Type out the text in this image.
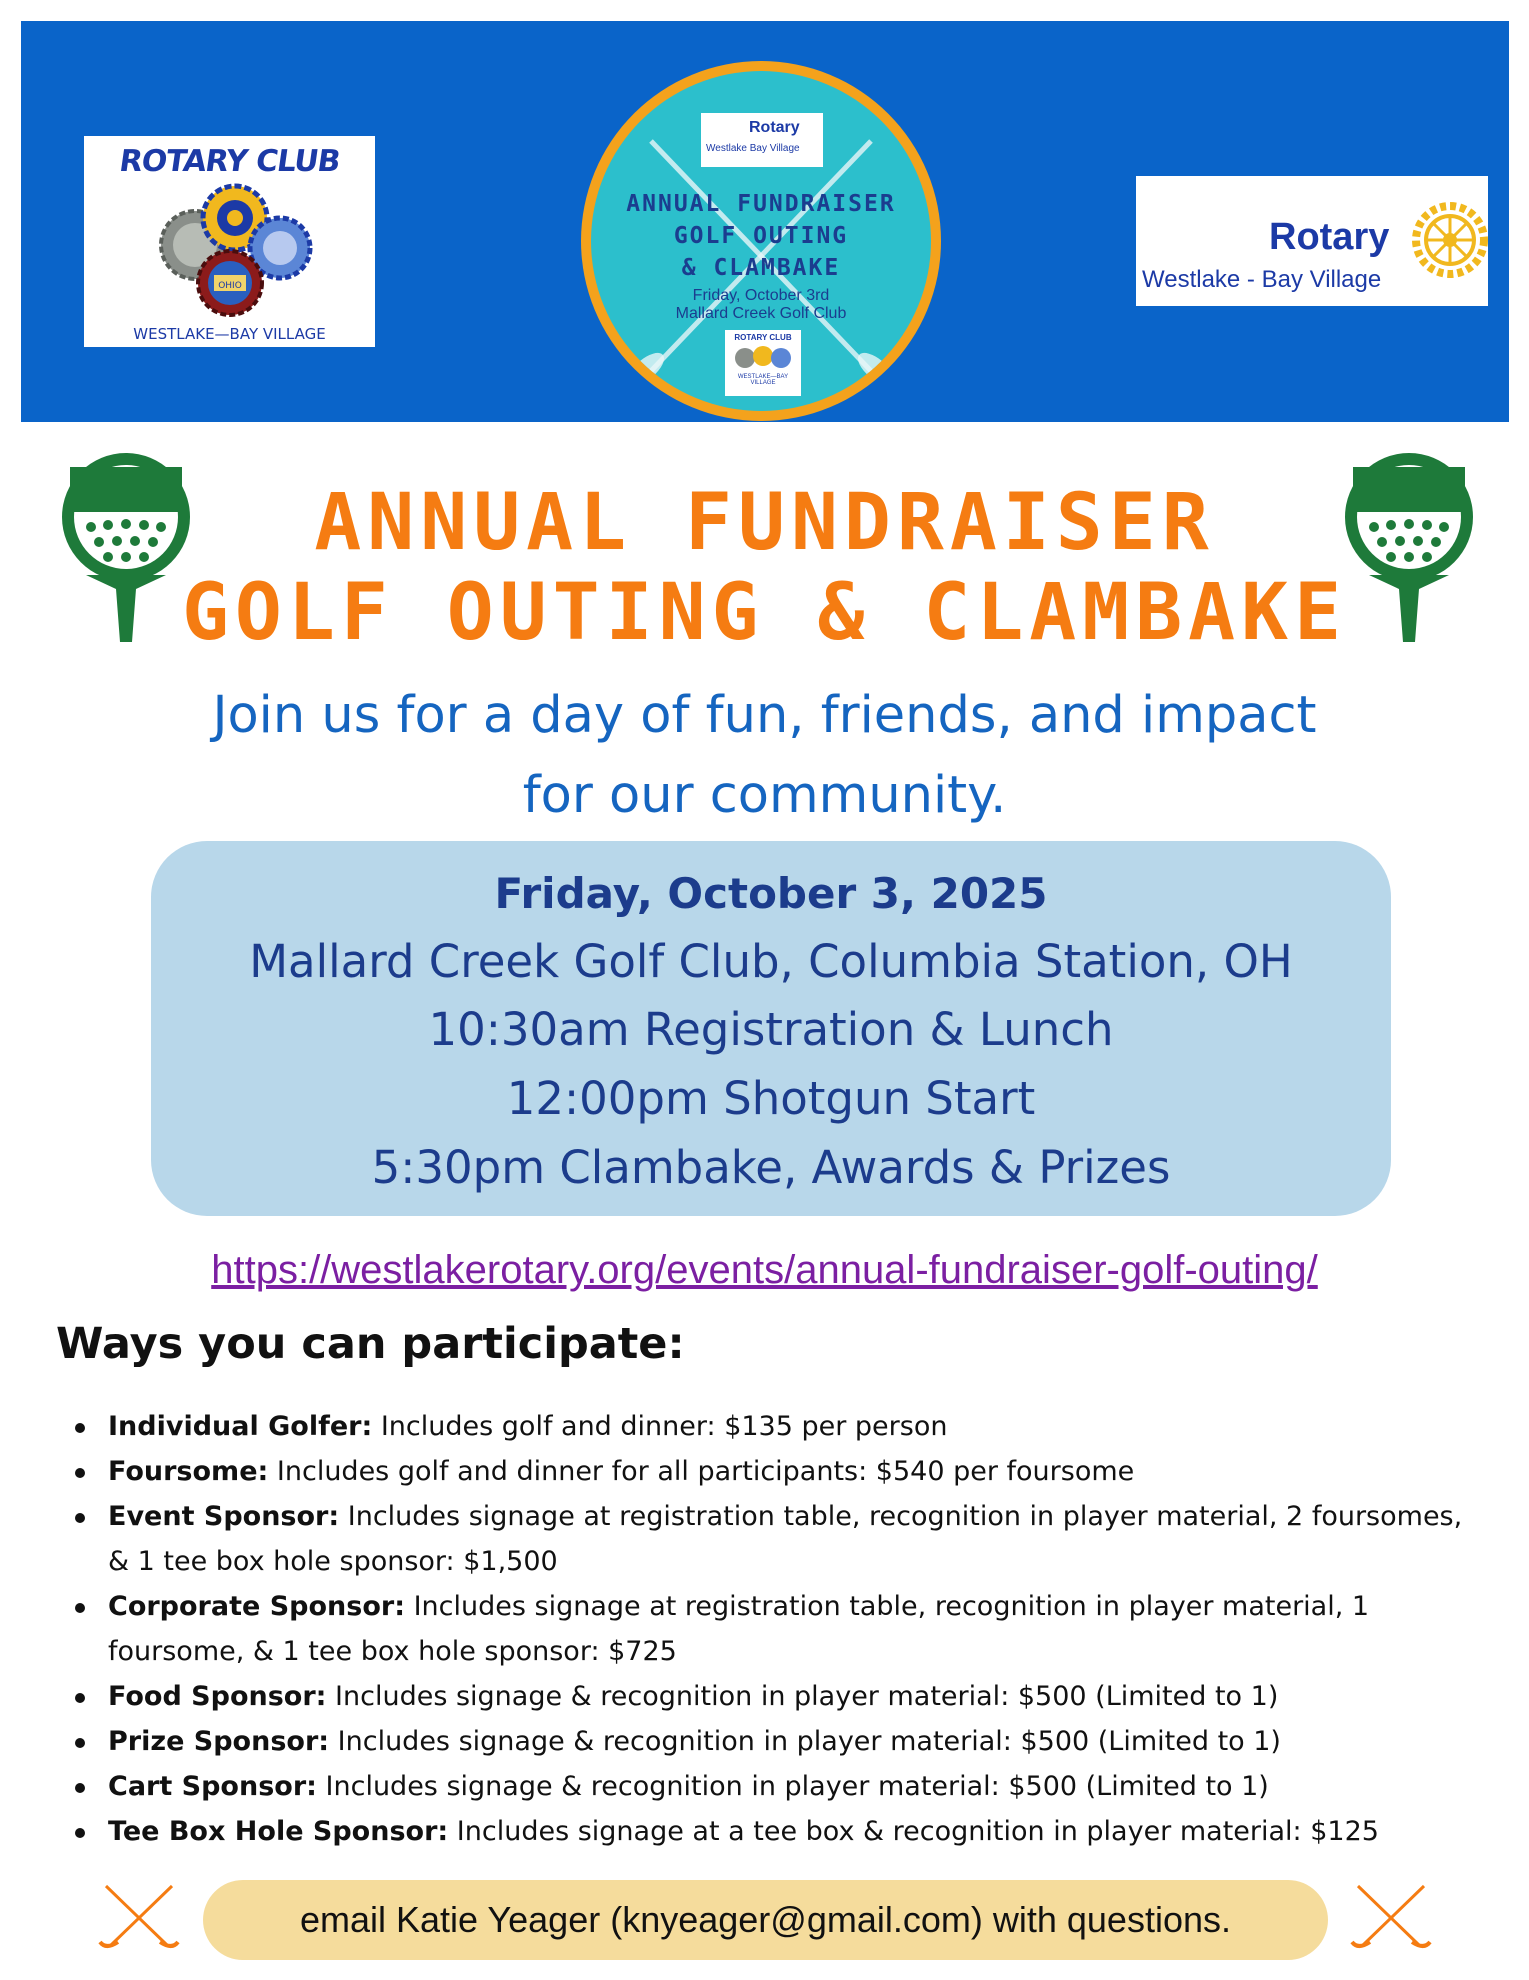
ROTARY CLUB
OHIO
WESTLAKE—BAY VILLAGE
Rotary
Westlake Bay Village
ANNUAL FUNDRAISER
GOLF OUTING
& CLAMBAKE
Friday, October 3rd
Mallard Creek Golf Club
ROTARY CLUB
WESTLAKE—BAY VILLAGE
Rotary
Westlake - Bay Village
ANNUAL FUNDRAISER
GOLF OUTING & CLAMBAKE
Join us for a day of fun, friends, and impact
for our community.
Friday, October 3, 2025
Mallard Creek Golf Club, Columbia Station, OH
10:30am Registration & Lunch
12:00pm Shotgun Start
5:30pm Clambake, Awards & Prizes
https://westlakerotary.org/events/annual-fundraiser-golf-outing/
Ways you can participate:
Individual Golfer: Includes golf and dinner: $135 per person
Foursome: Includes golf and dinner for all participants: $540 per foursome
Event Sponsor: Includes signage at registration table, recognition in player material, 2 foursomes, & 1 tee box hole sponsor: $1,500
Corporate Sponsor: Includes signage at registration table, recognition in player material, 1 foursome, & 1 tee box hole sponsor: $725
Food Sponsor: Includes signage & recognition in player material: $500 (Limited to 1)
Prize Sponsor: Includes signage & recognition in player material: $500 (Limited to 1)
Cart Sponsor: Includes signage & recognition in player material: $500 (Limited to 1)
Tee Box Hole Sponsor: Includes signage at a tee box & recognition in player material: $125
email Katie Yeager (knyeager@gmail.com) with questions.
